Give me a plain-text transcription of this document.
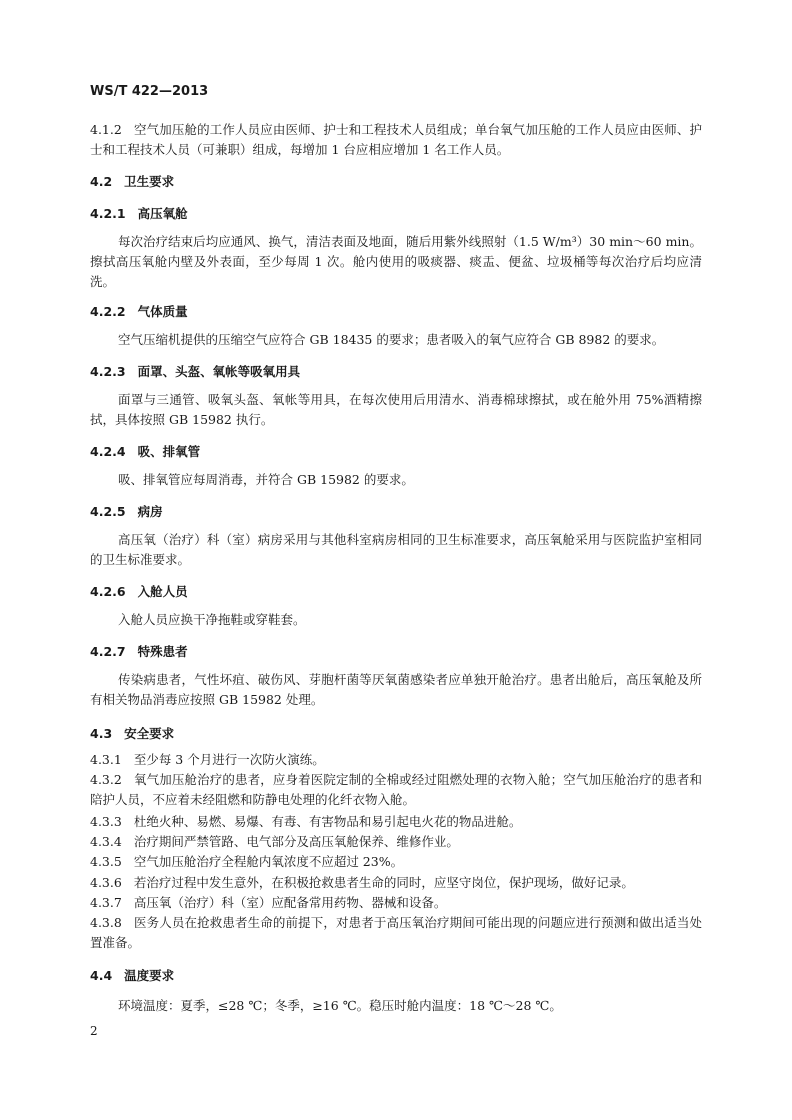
WS/T 422—2013
4.1.2 空气加压舱的工作人员应由医师、护士和工程技术人员组成；单台氧气加压舱的工作人员应由医师、护士和工程技术人员（可兼职）组成，每增加 1 台应相应增加 1 名工作人员。
4.2 卫生要求
4.2.1 高压氧舱
每次治疗结束后均应通风、换气，清洁表面及地面，随后用紫外线照射（1.5 W/m³）30 min～60 min。擦拭高压氧舱内壁及外表面，至少每周 1 次。舱内使用的吸痰器、痰盂、便盆、垃圾桶等每次治疗后均应清洗。
4.2.2 气体质量
空气压缩机提供的压缩空气应符合 GB 18435 的要求；患者吸入的氧气应符合 GB 8982 的要求。
4.2.3 面罩、头盔、氧帐等吸氧用具
面罩与三通管、吸氧头盔、氧帐等用具，在每次使用后用清水、消毒棉球擦拭，或在舱外用 75%酒精擦拭，具体按照 GB 15982 执行。
4.2.4 吸、排氧管
吸、排氧管应每周消毒，并符合 GB 15982 的要求。
4.2.5 病房
高压氧（治疗）科（室）病房采用与其他科室病房相同的卫生标准要求，高压氧舱采用与医院监护室相同的卫生标准要求。
4.2.6 入舱人员
入舱人员应换干净拖鞋或穿鞋套。
4.2.7 特殊患者
传染病患者，气性坏疽、破伤风、芽胞杆菌等厌氧菌感染者应单独开舱治疗。患者出舱后，高压氧舱及所有相关物品消毒应按照 GB 15982 处理。
4.3 安全要求
4.3.1 至少每 3 个月进行一次防火演练。
4.3.2 氧气加压舱治疗的患者，应身着医院定制的全棉或经过阻燃处理的衣物入舱；空气加压舱治疗的患者和陪护人员，不应着未经阻燃和防静电处理的化纤衣物入舱。
4.3.3 杜绝火种、易燃、易爆、有毒、有害物品和易引起电火花的物品进舱。
4.3.4 治疗期间严禁管路、电气部分及高压氧舱保养、维修作业。
4.3.5 空气加压舱治疗全程舱内氧浓度不应超过 23%。
4.3.6 若治疗过程中发生意外，在积极抢救患者生命的同时，应坚守岗位，保护现场，做好记录。
4.3.7 高压氧（治疗）科（室）应配备常用药物、器械和设备。
4.3.8 医务人员在抢救患者生命的前提下，对患者于高压氧治疗期间可能出现的问题应进行预测和做出适当处置准备。
4.4 温度要求
环境温度：夏季，≤28 ℃；冬季，≥16 ℃。稳压时舱内温度：18 ℃～28 ℃。
2
